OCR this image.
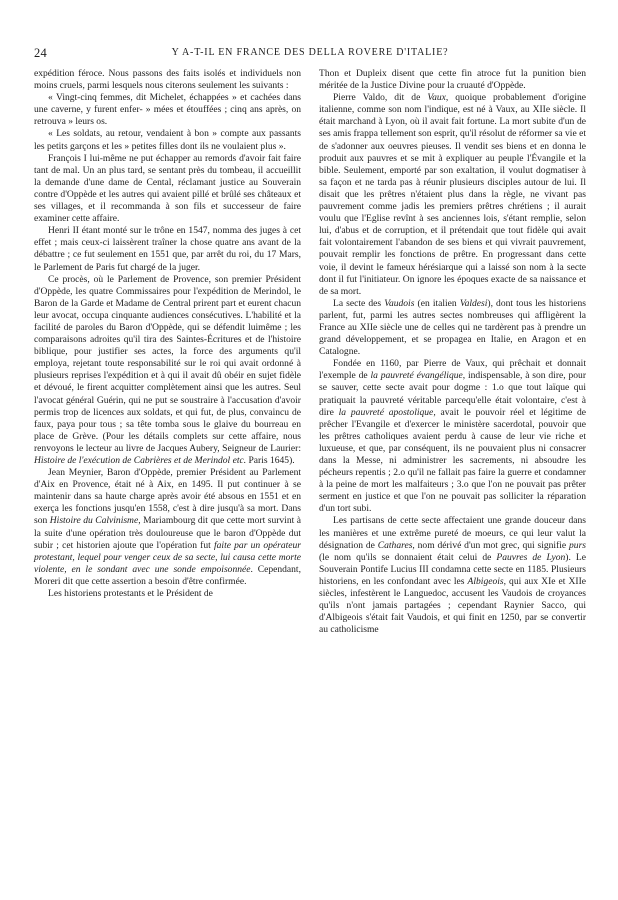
24	Y A-T-IL EN FRANCE DES DELLA ROVERE D'ITALIE?

expédition féroce. Nous passons des faits isolés et individuels non moins cruels, parmi lesquels nous citerons seulement les suivants :

« Vingt-cinq femmes, dit Michelet, échappées » et cachées dans une caverne, y furent enfer- » mées et étouffées ; cinq ans après, on retrouva » leurs os.

« Les soldats, au retour, vendaient à bon » compte aux passants les petits garçons et les » petites filles dont ils ne voulaient plus ».

François I lui-même ne put échapper au remords d'avoir fait faire tant de mal. Un an plus tard, se sentant près du tombeau, il accueillit la demande d'une dame de Cental, réclamant justice au Souverain contre d'Oppède et les autres qui avaient pillé et brûlé ses châteaux et ses villages, et il recommanda à son fils et successeur de faire examiner cette affaire.

Henri II étant monté sur le trône en 1547, nomma des juges à cet effet ; mais ceux-ci laissèrent traîner la chose quatre ans avant de la débattre ; ce fut seulement en 1551 que, par arrêt du roi, du 17 Mars, le Parlement de Paris fut chargé de la juger.

Ce procès, où le Parlement de Provence, son premier Président d'Oppède, les quatre Commissaires pour l'expédition de Merindol, le Baron de la Garde et Madame de Central prirent part et eurent chacun leur avocat, occupa cinquante audiences consécutives. L'habilité et la facilité de paroles du Baron d'Oppède, qui se défendit luimême ; les comparaisons adroites qu'il tira des Saintes-Écritures et de l'histoire biblique, pour justifier ses actes, la force des arguments qu'il employa, rejetant toute responsabilité sur le roi qui avait ordonné à plusieurs reprises l'expédition et à qui il avait dû obéir en sujet fidèle et dévoué, le firent acquitter complètement ainsi que les autres. Seul l'avocat général Guérin, qui ne put se soustraire à l'accusation d'avoir permis trop de licences aux soldats, et qui fut, de plus, convaincu de faux, paya pour tous ; sa tête tomba sous le glaive du bourreau en place de Grève. (Pour les détails complets sur cette affaire, nous renvoyons le lecteur au livre de Jacques Aubery, Seigneur de Laurier: Histoire de l'exécution de Cabrières et de Merindol etc. Paris 1645).

Jean Meynier, Baron d'Oppède, premier Président au Parlement d'Aix en Provence, était né à Aix, en 1495. Il put continuer à se maintenir dans sa haute charge après avoir été absous en 1551 et en exerça les fonctions jusqu'en 1558, c'est à dire jusqu'à sa mort. Dans son Histoire du Calvinisme, Mariambourg dit que cette mort survint à la suite d'une opération très douloureuse que le baron d'Oppède dut subir ; cet historien ajoute que l'opération fut faite par un opérateur protestant, lequel pour venger ceux de sa secte, lui causa cette morte violente, en le sondant avec une sonde empoisonnée. Cependant, Moreri dit que cette assertion a besoin d'être confirmée.

Les historiens protestants et le Président de

Thon et Dupleix disent que cette fin atroce fut la punition bien méritée de la Justice Divine pour la cruauté d'Oppède.

Pierre Valdo, dit de Vaux, quoique probablement d'origine italienne, comme son nom l'indique, est né à Vaux, au XIIe siècle. Il était marchand à Lyon, où il avait fait fortune. La mort subite d'un de ses amis frappa tellement son esprit, qu'il résolut de réformer sa vie et de s'adonner aux oeuvres pieuses. Il vendit ses biens et en donna le produit aux pauvres et se mit à expliquer au peuple l'Évangile et la bible. Seulement, emporté par son exaltation, il voulut dogmatiser à sa façon et ne tarda pas à réunir plusieurs disciples autour de lui. Il disait que les prêtres n'étaient plus dans la règle, ne vivant pas pauvrement comme jadis les premiers prêtres chrétiens ; il aurait voulu que l'Eglise revînt à ses anciennes lois, s'étant remplie, selon lui, d'abus et de corruption, et il prétendait que tout fidèle qui avait fait volontairement l'abandon de ses biens et qui vivrait pauvrement, pouvait remplir les fonctions de prêtre. En progressant dans cette voie, il devint le fameux hérésiarque qui a laissé son nom à la secte dont il fut l'initiateur. On ignore les époques exacte de sa naissance et de sa mort.

La secte des Vaudois (en italien Valdesi), dont tous les historiens parlent, fut, parmi les autres sectes nombreuses qui affligèrent la France au XIIe siècle une de celles qui ne tardèrent pas à prendre un grand développement, et se propagea en Italie, en Aragon et en Catalogne.

Fondée en 1160, par Pierre de Vaux, qui prêchait et donnait l'exemple de la pauvreté évangélique, indispensable, à son dire, pour se sauver, cette secte avait pour dogme : 1.o que tout laïque qui pratiquait la pauvreté véritable parcequ'elle était volontaire, c'est à dire la pauvreté apostolique, avait le pouvoir réel et légitime de prêcher l'Evangile et d'exercer le ministère sacerdotal, pouvoir que les prêtres catholiques avaient perdu à cause de leur vie riche et luxueuse, et que, par conséquent, ils ne pouvaient plus ni consacrer dans la Messe, ni administrer les sacrements, ni absoudre les pécheurs repentis ; 2.o qu'il ne fallait pas faire la guerre et condamner à la peine de mort les malfaiteurs ; 3.o que l'on ne pouvait pas prêter serment en justice et que l'on ne pouvait pas solliciter la réparation d'un tort subi.

Les partisans de cette secte affectaient une grande douceur dans les manières et une extrême pureté de moeurs, ce qui leur valut la désignation de Cathares, nom dérivé d'un mot grec, qui signifie purs (le nom qu'ils se donnaient était celui de Pauvres de Lyon). Le Souverain Pontife Lucius III condamna cette secte en 1185. Plusieurs historiens, en les confondant avec les Albigeois, qui aux XIe et XIIe siècles, infestèrent le Languedoc, accusent les Vaudois de croyances qu'ils n'ont jamais partagées ; cependant Raynier Sacco, qui d'Albigeois s'était fait Vaudois, et qui finit en 1250, par se convertir au catholicisme
